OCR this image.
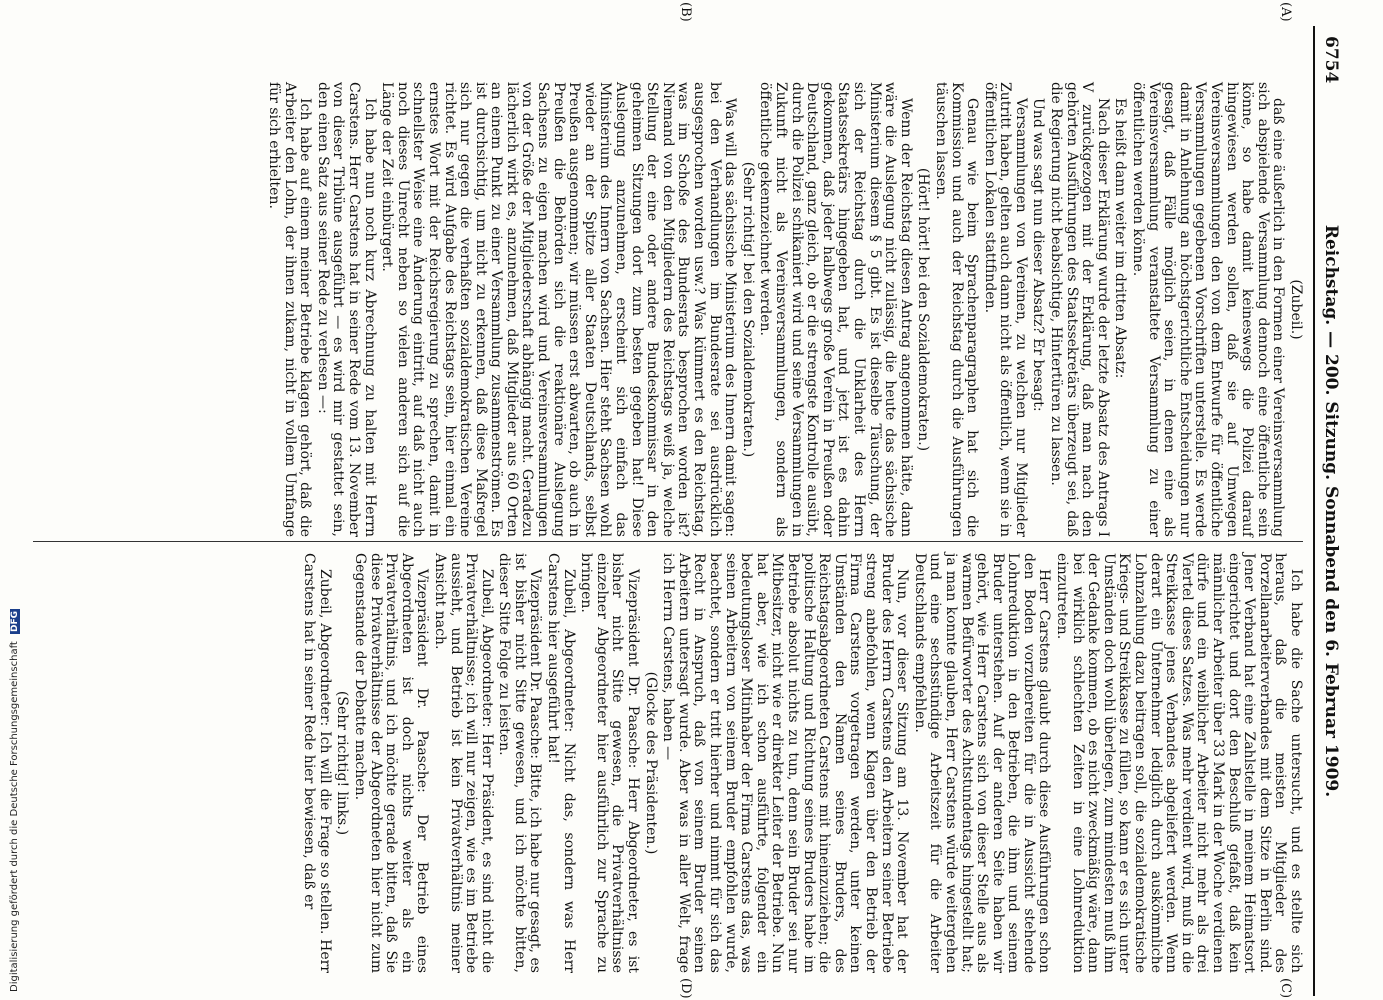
Digitalisierung gefördert durch die Deutsche Forschungsgemeinschaft DFG
6754
Reichstag. — 200. Sitzung. Sonnabend den 6. Februar 1909.
(A)
(B)
(C)
(D)

(Zubeil.)

daß eine äußerlich in den Formen einer Vereinsversammlung sich abspielende Versammlung dennoch eine öffentliche sein könne, so habe damit keineswegs die Polizei darauf hingewiesen werden sollen, daß sie auf Umwegen Vereinsversammlungen den von dem Entwurfe für öffentliche Versammlungen gegebenen Vorschriften unterstelle. Es werde damit in Anlehnung an höchstgerichtliche Entscheidungen nur gesagt, daß Fälle möglich seien, in denen eine als Vereinsversammlung veranstaltete Versammlung zu einer öffentlichen werden könne.

Es heißt dann weiter im dritten Absatz:

Nach dieser Erklärung wurde der letzte Absatz des Antrags I V zurückgezogen mit der Erklärung, daß man nach den gehörten Ausführungen des Staatssekretärs überzeugt sei, daß die Regierung nicht beabsichtige, Hintertüren zu lassen.

Und was sagt nun dieser Absatz? Er besagt:

Versammlungen von Vereinen, zu welchen nur Mitglieder Zutritt haben, gelten auch dann nicht als öffentlich, wenn sie in öffentlichen Lokalen stattfinden.

Genau wie beim Sprachenparagraphen hat sich die Kommission und auch der Reichstag durch die Ausführungen täuschen lassen.

(Hört! hört! bei den Sozialdemokraten.)

Wenn der Reichstag diesen Antrag angenommen hätte, dann wäre die Auslegung nicht zulässig, die heute das sächsische Ministerium diesem § 5 gibt. Es ist dieselbe Täuschung, der sich der Reichstag durch die Unklarheit des Herrn Staatssekretärs hingegeben hat, und jetzt ist es dahin gekommen, daß jeder halbwegs große Verein in Preußen oder Deutschland, ganz gleich, ob er die strengste Kontrolle ausübt, durch die Polizei schikaniert wird und seine Versammlungen in Zukunft nicht als Vereinsversammlungen, sondern als öffentliche gekennzeichnet werden.

(Sehr richtig! bei den Sozialdemokraten.)

Was will das sächsische Ministerium des Innern damit sagen: bei den Verhandlungen im Bundesrate sei ausdrücklich ausgesprochen worden usw.? Was kümmert es den Reichstag, was im Schoße des Bundesrats besprochen worden ist? Niemand von den Mitgliedern des Reichstags weiß ja, welche Stellung der eine oder andere Bundeskommissar in den geheimen Sitzungen dort zum besten gegeben hat! Diese Auslegung anzunehmen, erscheint sich einfach das Ministerium des Innern von Sachsen. Hier steht Sachsen wohl wieder an der Spitze aller Staaten Deutschlands, selbst Preußen ausgenommen; wir müssen erst abwarten, ob auch in Preußen die Behörden sich die reaktionäre Auslegung Sachsens zu eigen machen wird und Vereinsversammlungen von der Größe der Mitgliederschaft abhängig macht. Geradezu lächerlich wirkt es, anzunehmen, daß Mitglieder aus 60 Orten an einem Punkt zu einer Versammlung zusammenströmen. Es ist durchsichtig, um nicht zu erkennen, daß diese Maßregel sich nur gegen die verhaßten sozialdemokratischen Vereine richtet. Es wird Aufgabe des Reichstags sein, hier einmal ein ernstes Wort mit der Reichsregierung zu sprechen, damit in schnellster Weise eine Änderung eintritt, auf daß nicht auch noch dieses Unrecht neben so vielen anderen sich auf die Länge der Zeit einbürgert.

Ich habe nun noch kurz Abrechnung zu halten mit Herrn Carstens. Herr Carstens hat in seiner Rede vom 13. November von dieser Tribüne ausgeführt — es wird mir gestattet sein, den einen Satz aus seiner Rede zu verlesen —:

Ich habe auf einem meiner Betriebe klagen gehört, daß die Arbeiter den Lohn, der ihnen zukam, nicht in vollem Umfange für sich erhielten.

Ich habe die Sache untersucht, und es stellte sich heraus, daß die meisten Mitglieder des Porzellanarbeiterverbandes mit dem Sitze in Berlin sind. Jener Verband hat eine Zahlstelle in meinem Heimatsort eingerichtet und dort den Beschluß gefaßt, daß kein männlicher Arbeiter über 33 Mark in der Woche verdienen dürfe und ein weiblicher Arbeiter nicht mehr als drei Viertel dieses Satzes. Was mehr verdient wird, muß in die Streikkasse jenes Verbandes abgeliefert werden. Wenn derart ein Unternehmer lediglich durch auskömmliche Lohnzahlung dazu beitragen soll, die sozialdemokratische Kriegs- und Streikkasse zu füllen, so kann er es sich unter Umständen doch wohl überlegen, zum mindesten muß ihm der Gedanke kommen, ob es nicht zweckmäßig wäre, dann bei wirklich schlechten Zeiten in eine Lohnreduktion einzutreten.

Herr Carstens glaubt durch diese Ausführungen schon den Boden vorzubereiten für die in Aussicht stehende Lohnreduktion in den Betrieben, die ihm und seinem Bruder unterstehen. Auf der anderen Seite haben wir gehört, wie Herr Carstens sich von dieser Stelle aus als warmen Befürworter des Achtstundentags hingestellt hat; ja man konnte glauben, Herr Carstens würde weitergehen und eine sechsstündige Arbeitszeit für die Arbeiter Deutschlands empfehlen.

Nun, vor dieser Sitzung am 13. November hat der Bruder des Herrn Carstens den Arbeitern seiner Betriebe streng anbefohlen, wenn Klagen über den Betrieb der Firma Carstens vorgetragen werden, unter keinen Umständen den Namen seines Bruders, des Reichstagsabgeordneten Carstens mit hineinzuziehen; die politische Haltung und Richtung seines Bruders habe im Betriebe absolut nichts zu tun, denn sein Bruder sei nur Mitbesitzer, nicht wie er direkter Leiter der Betriebe. Nun hat aber, wie ich schon ausführte, folgender ein bedeutungsloser Mitinhaber der Firma Carstens das, was seinen Arbeitern von seinem Bruder empfohlen wurde, beachtet, sondern er tritt hierher und nimmt für sich das Recht in Anspruch, daß von seinem Bruder seinen Arbeitern untersagt wurde. Aber was in aller Welt, frage ich Herrn Carstens, haben —

(Glocke des Präsidenten.)

Vizepräsident Dr. Paasche: Herr Abgeordneter, es ist bisher nicht Sitte gewesen, die Privatverhältnisse einzelner Abgeordneter hier ausführlich zur Sprache zu bringen.

Zubeil, Abgeordneter: Nicht das, sondern was Herr Carstens hier ausgeführt hat!

Vizepräsident Dr. Paasche: Bitte, ich habe nur gesagt, es ist bisher nicht Sitte gewesen, und ich möchte bitten, dieser Sitte Folge zu leisten.

Zubeil, Abgeordneter: Herr Präsident, es sind nicht die Privatverhältnisse; ich will nur zeigen, wie es im Betriebe aussieht, und Betrieb ist kein Privatverhältnis meiner Ansicht nach.

Vizepräsident Dr. Paasche: Der Betrieb eines Abgeordneten ist doch nichts weiter als ein Privatverhältnis, und ich möchte gerade bitten, daß Sie diese Privatverhältnisse der Abgeordneten hier nicht zum Gegenstande der Debatte machen.

(Sehr richtig! links.)

Zubeil, Abgeordneter: Ich will die Frage so stellen. Herr Carstens hat in seiner Rede hier bewiesen, daß er
